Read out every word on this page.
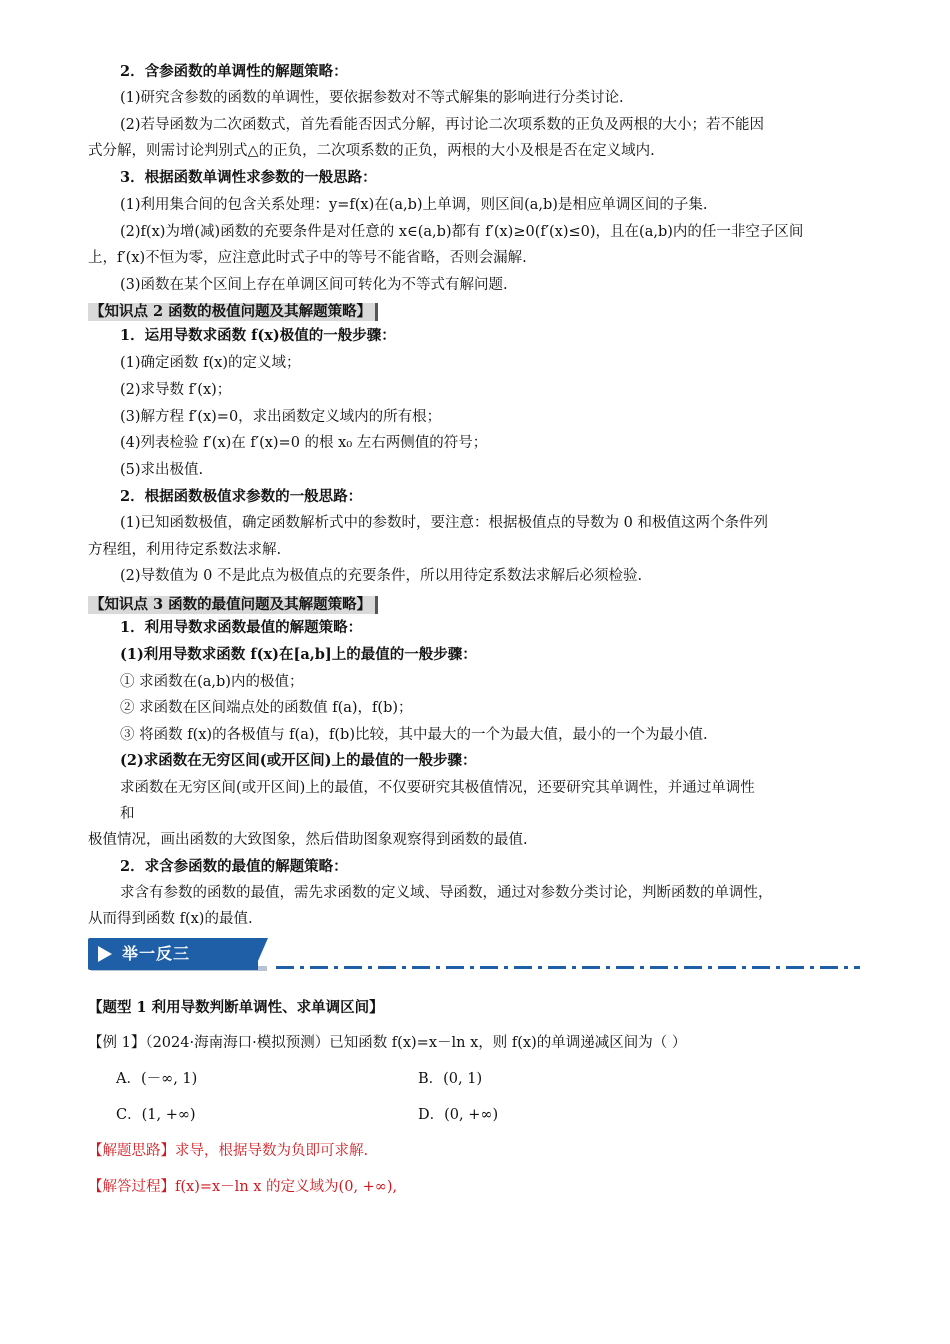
2．含参函数的单调性的解题策略：
(1)研究含参数的函数的单调性，要依据参数对不等式解集的影响进行分类讨论.
(2)若导函数为二次函数式，首先看能否因式分解，再讨论二次项系数的正负及两根的大小；若不能因
式分解，则需讨论判别式△的正负，二次项系数的正负，两根的大小及根是否在定义域内.
3．根据函数单调性求参数的一般思路：
(1)利用集合间的包含关系处理：y=f(x)在(a,b)上单调，则区间(a,b)是相应单调区间的子集.
(2)f(x)为增(减)函数的充要条件是对任意的 x∈(a,b)都有 f′(x)≥0(f′(x)≤0)，且在(a,b)内的任一非空子区间
上，f′(x)不恒为零，应注意此时式子中的等号不能省略，否则会漏解.
(3)函数在某个区间上存在单调区间可转化为不等式有解问题.
1．运用导数求函数 f(x)极值的一般步骤：
(1)确定函数 f(x)的定义域；
(2)求导数 f′(x)；
(3)解方程 f′(x)=0，求出函数定义域内的所有根；
(4)列表检验 f′(x)在 f′(x)=0 的根 x₀ 左右两侧值的符号；
(5)求出极值.
2．根据函数极值求参数的一般思路：
(1)已知函数极值，确定函数解析式中的参数时，要注意：根据极值点的导数为 0 和极值这两个条件列
方程组，利用待定系数法求解.
(2)导数值为 0 不是此点为极值点的充要条件，所以用待定系数法求解后必须检验.
1．利用导数求函数最值的解题策略：
(1)利用导数求函数 f(x)在[a,b]上的最值的一般步骤：
① 求函数在(a,b)内的极值；
② 求函数在区间端点处的函数值 f(a)，f(b)；
③ 将函数 f(x)的各极值与 f(a)，f(b)比较，其中最大的一个为最大值，最小的一个为最小值.
(2)求函数在无穷区间(或开区间)上的最值的一般步骤：
求函数在无穷区间(或开区间)上的最值，不仅要研究其极值情况，还要研究其单调性，并通过单调性
和
极值情况，画出函数的大致图象，然后借助图象观察得到函数的最值.
2．求含参函数的最值的解题策略：
求含有参数的函数的最值，需先求函数的定义域、导函数，通过对参数分类讨论，判断函数的单调性，
从而得到函数 f(x)的最值.
【题型 1 利用导数判断单调性、求单调区间】
【例 1】（2024·海南海口·模拟预测）已知函数 f(x)=x－ln x，则 f(x)的单调递减区间为（ ）
A．(－∞, 1)	B．(0, 1)
C．(1, +∞)	D．(0, +∞)
【解题思路】求导，根据导数为负即可求解.
【解答过程】f(x)=x－ln x 的定义域为(0, +∞),
【知识点 2 函数的极值问题及其解题策略】
【知识点 3 函数的最值问题及其解题策略】
举一反三
